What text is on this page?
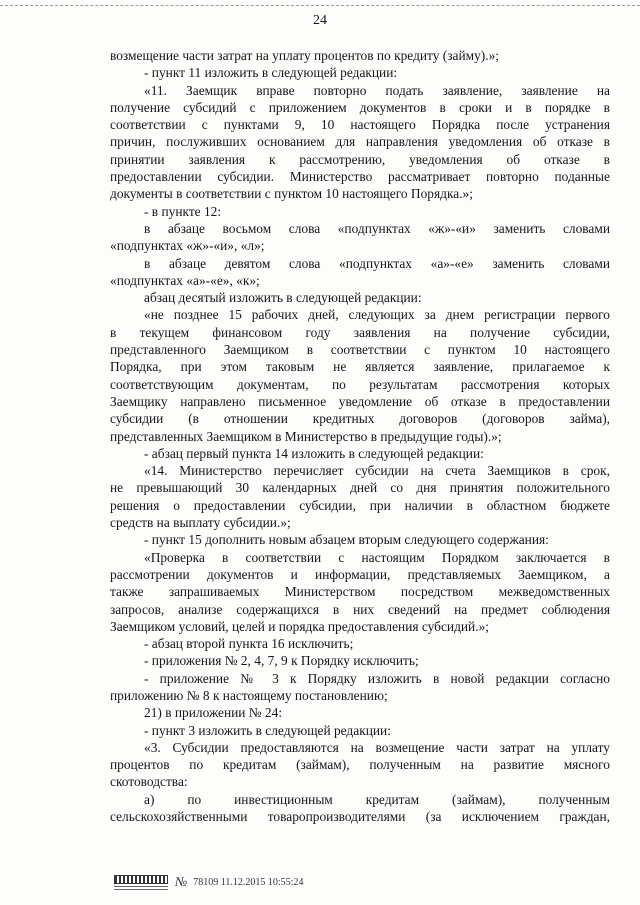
24
возмещение части затрат на уплату процентов по кредиту (займу).»;
- пункт 11 изложить в следующей редакции:
«11. Заемщик вправе повторно подать заявление, заявление на
получение субсидий с приложением документов в сроки и в порядке в
соответствии с пунктами 9, 10 настоящего Порядка после устранения
причин, послуживших основанием для направления уведомления об отказе в
принятии заявления к рассмотрению, уведомления об отказе в
предоставлении субсидии. Министерство рассматривает повторно поданные
документы в соответствии с пунктом 10 настоящего Порядка.»;
- в пункте 12:
в абзаце восьмом слова «подпунктах «ж»-«и» заменить словами
«подпунктах «ж»-«и», «л»;
в абзаце девятом слова «подпунктах «а»-«е» заменить словами
«подпунктах «а»-«е», «к»;
абзац десятый изложить в следующей редакции:
«не позднее 15 рабочих дней, следующих за днем регистрации первого
в текущем финансовом году заявления на получение субсидии,
представленного Заемщиком в соответствии с пунктом 10 настоящего
Порядка, при этом таковым не является заявление, прилагаемое к
соответствующим документам, по результатам рассмотрения которых
Заемщику направлено письменное уведомление об отказе в предоставлении
субсидии (в отношении кредитных договоров (договоров займа),
представленных Заемщиком в Министерство в предыдущие годы).»;
- абзац первый пункта 14 изложить в следующей редакции:
«14. Министерство перечисляет субсидии на счета Заемщиков в срок,
не превышающий 30 календарных дней со дня принятия положительного
решения о предоставлении субсидии, при наличии в областном бюджете
средств на выплату субсидии.»;
- пункт 15 дополнить новым абзацем вторым следующего содержания:
«Проверка в соответствии с настоящим Порядком заключается в
рассмотрении документов и информации, представляемых Заемщиком, а
также запрашиваемых Министерством посредством межведомственных
запросов, анализе содержащихся в них сведений на предмет соблюдения
Заемщиком условий, целей и порядка предоставления субсидий.»;
- абзац второй пункта 16 исключить;
- приложения № 2, 4, 7, 9 к Порядку исключить;
- приложение № 3 к Порядку изложить в новой редакции согласно
приложению № 8 к настоящему постановлению;
21) в приложении № 24:
- пункт 3 изложить в следующей редакции:
«3. Субсидии предоставляются на возмещение части затрат на уплату
процентов по кредитам (займам), полученным на развитие мясного
скотоводства:
а) по инвестиционным кредитам (займам), полученным
сельскохозяйственными товаропроизводителями (за исключением граждан,
№ 78109 11.12.2015 10:55:24
